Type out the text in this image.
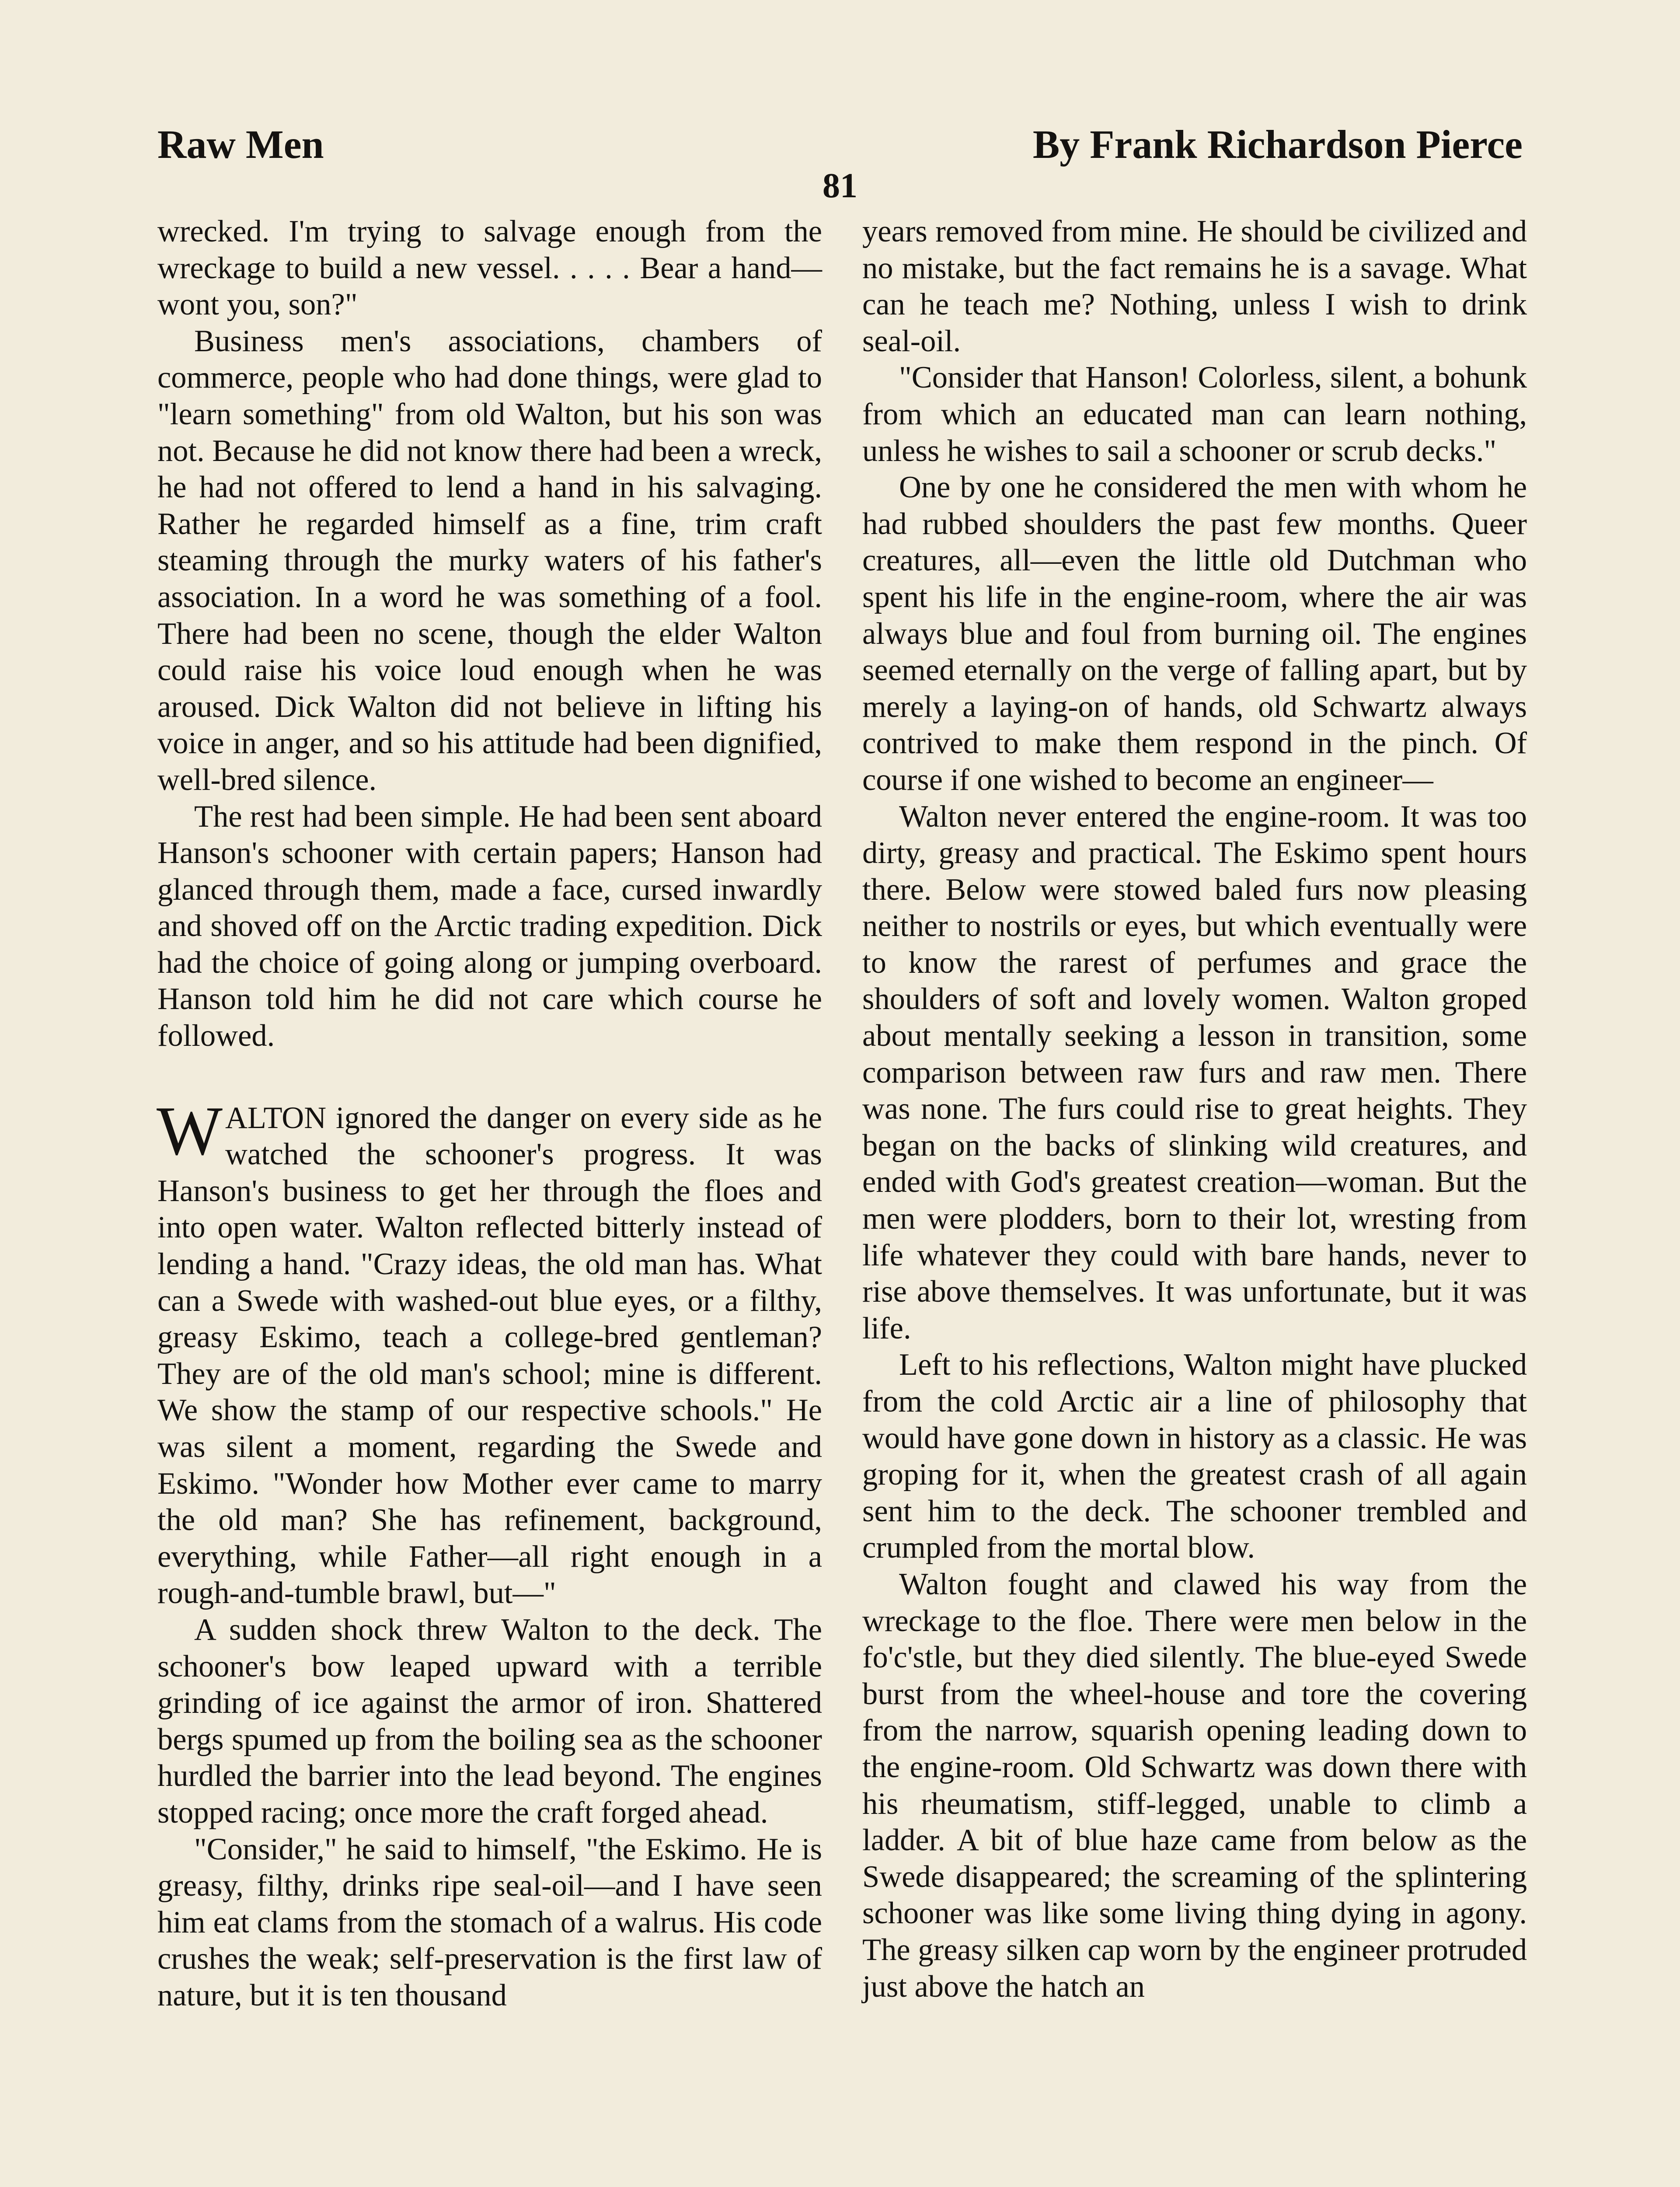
Raw Men	By Frank Richardson Pierce
81

wrecked. I'm trying to salvage enough from the wreckage to build a new vessel. . . . . Bear a hand—wont you, son?"

Business men's associations, chambers of commerce, people who had done things, were glad to "learn something" from old Walton, but his son was not. Because he did not know there had been a wreck, he had not offered to lend a hand in his salvaging. Rather he regarded himself as a fine, trim craft steaming through the murky waters of his father's association. In a word he was something of a fool. There had been no scene, though the elder Walton could raise his voice loud enough when he was aroused. Dick Walton did not believe in lifting his voice in anger, and so his attitude had been dignified, well-bred silence.

The rest had been simple. He had been sent aboard Hanson's schooner with certain papers; Hanson had glanced through them, made a face, cursed inwardly and shoved off on the Arctic trading expedition. Dick had the choice of going along or jumping overboard. Hanson told him he did not care which course he followed.

WALTON ignored the danger on every side as he watched the schooner's progress. It was Hanson's business to get her through the floes and into open water. Walton reflected bitterly instead of lending a hand. "Crazy ideas, the old man has. What can a Swede with washed-out blue eyes, or a filthy, greasy Eskimo, teach a college-bred gentleman? They are of the old man's school; mine is different. We show the stamp of our respective schools." He was silent a moment, regarding the Swede and Eskimo. "Wonder how Mother ever came to marry the old man? She has refinement, background, everything, while Father—all right enough in a rough-and-tumble brawl, but—"

A sudden shock threw Walton to the deck. The schooner's bow leaped upward with a terrible grinding of ice against the armor of iron. Shattered bergs spumed up from the boiling sea as the schooner hurdled the barrier into the lead beyond. The engines stopped racing; once more the craft forged ahead.

"Consider," he said to himself, "the Eskimo. He is greasy, filthy, drinks ripe seal-oil—and I have seen him eat clams from the stomach of a walrus. His code crushes the weak; self-preservation is the first law of nature, but it is ten thousand

years removed from mine. He should be civilized and no mistake, but the fact remains he is a savage. What can he teach me? Nothing, unless I wish to drink seal-oil.

"Consider that Hanson! Colorless, silent, a bohunk from which an educated man can learn nothing, unless he wishes to sail a schooner or scrub decks."

One by one he considered the men with whom he had rubbed shoulders the past few months. Queer creatures, all—even the little old Dutchman who spent his life in the engine-room, where the air was always blue and foul from burning oil. The engines seemed eternally on the verge of falling apart, but by merely a laying-on of hands, old Schwartz always contrived to make them respond in the pinch. Of course if one wished to become an engineer—

Walton never entered the engine-room. It was too dirty, greasy and practical. The Eskimo spent hours there. Below were stowed baled furs now pleasing neither to nostrils or eyes, but which eventually were to know the rarest of perfumes and grace the shoulders of soft and lovely women. Walton groped about mentally seeking a lesson in transition, some comparison between raw furs and raw men. There was none. The furs could rise to great heights. They began on the backs of slinking wild creatures, and ended with God's greatest creation—woman. But the men were plodders, born to their lot, wresting from life whatever they could with bare hands, never to rise above themselves. It was unfortunate, but it was life.

Left to his reflections, Walton might have plucked from the cold Arctic air a line of philosophy that would have gone down in history as a classic. He was groping for it, when the greatest crash of all again sent him to the deck. The schooner trembled and crumpled from the mortal blow.

Walton fought and clawed his way from the wreckage to the floe. There were men below in the fo'c'stle, but they died silently. The blue-eyed Swede burst from the wheel-house and tore the covering from the narrow, squarish opening leading down to the engine-room. Old Schwartz was down there with his rheumatism, stiff-legged, unable to climb a ladder. A bit of blue haze came from below as the Swede disappeared; the screaming of the splintering schooner was like some living thing dying in agony. The greasy silken cap worn by the engineer protruded just above the hatch an
